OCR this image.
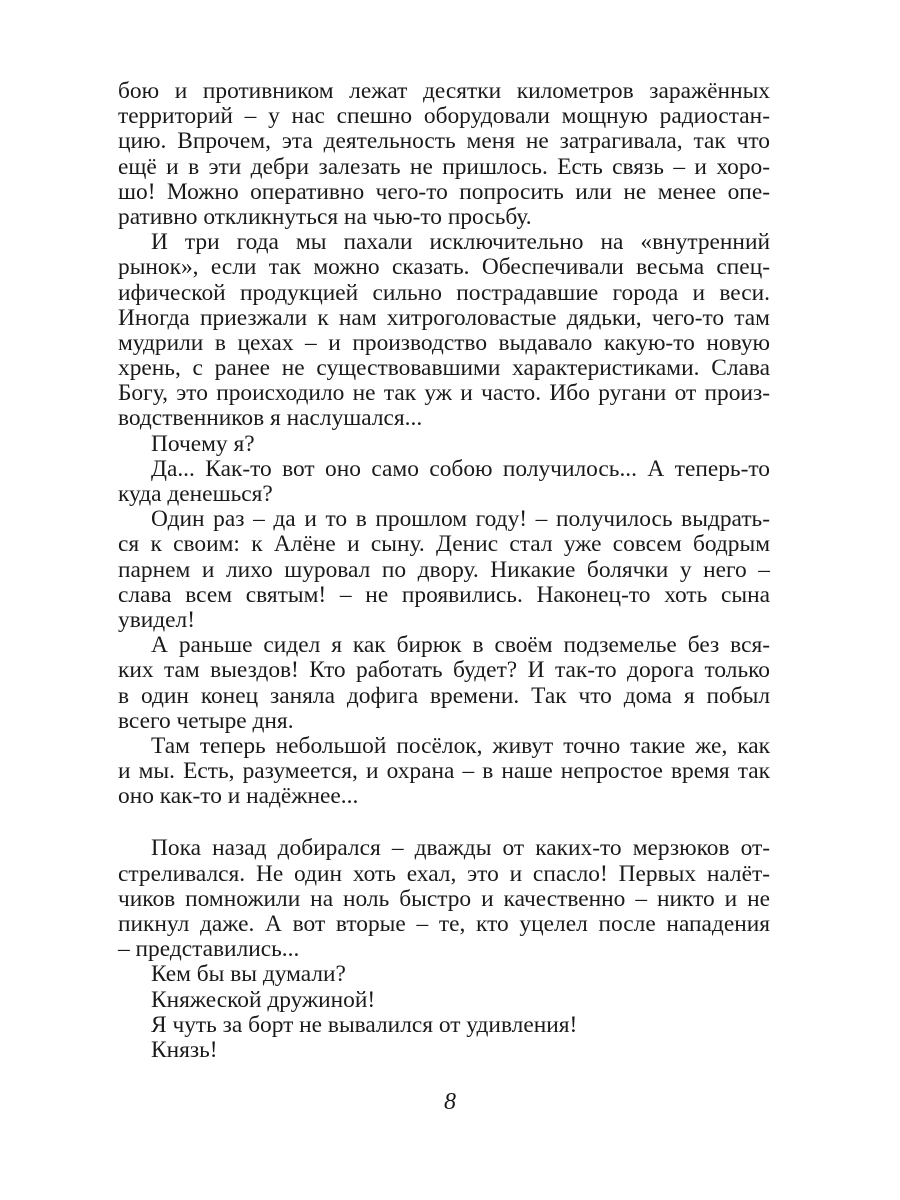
бою и противником лежат десятки километров заражённых
территорий – у нас спешно оборудовали мощную радиостан-
цию. Впрочем, эта деятельность меня не затрагивала, так что
ещё и в эти дебри залезать не пришлось. Есть связь – и хоро-
шо! Можно оперативно чего-то попросить или не менее опе-
ративно откликнуться на чью-то просьбу.
И три года мы пахали исключительно на «внутренний
рынок», если так можно сказать. Обеспечивали весьма спец-
ифической продукцией сильно пострадавшие города и веси.
Иногда приезжали к нам хитроголовастые дядьки, чего-то там
мудрили в цехах – и производство выдавало какую-то новую
хрень, с ранее не существовавшими характеристиками. Слава
Богу, это происходило не так уж и часто. Ибо ругани от произ-
водственников я наслушался...
Почему я?
Да... Как-то вот оно само собою получилось... А теперь-то
куда денешься?
Один раз – да и то в прошлом году! – получилось выдрать-
ся к своим: к Алёне и сыну. Денис стал уже совсем бодрым
парнем и лихо шуровал по двору. Никакие болячки у него –
слава всем святым! – не проявились. Наконец-то хоть сына
увидел!
А раньше сидел я как бирюк в своём подземелье без вся-
ких там выездов! Кто работать будет? И так-то дорога только
в один конец заняла дофига времени. Так что дома я побыл
всего четыре дня.
Там теперь небольшой посёлок, живут точно такие же, как
и мы. Есть, разумеется, и охрана – в наше непростое время так
оно как-то и надёжнее...
Пока назад добирался – дважды от каких-то мерзюков от-
стреливался. Не один хоть ехал, это и спасло! Первых налёт-
чиков помножили на ноль быстро и качественно – никто и не
пикнул даже. А вот вторые – те, кто уцелел после нападения
– представились...
Кем бы вы думали?
Княжеской дружиной!
Я чуть за борт не вывалился от удивления!
Князь!
8
